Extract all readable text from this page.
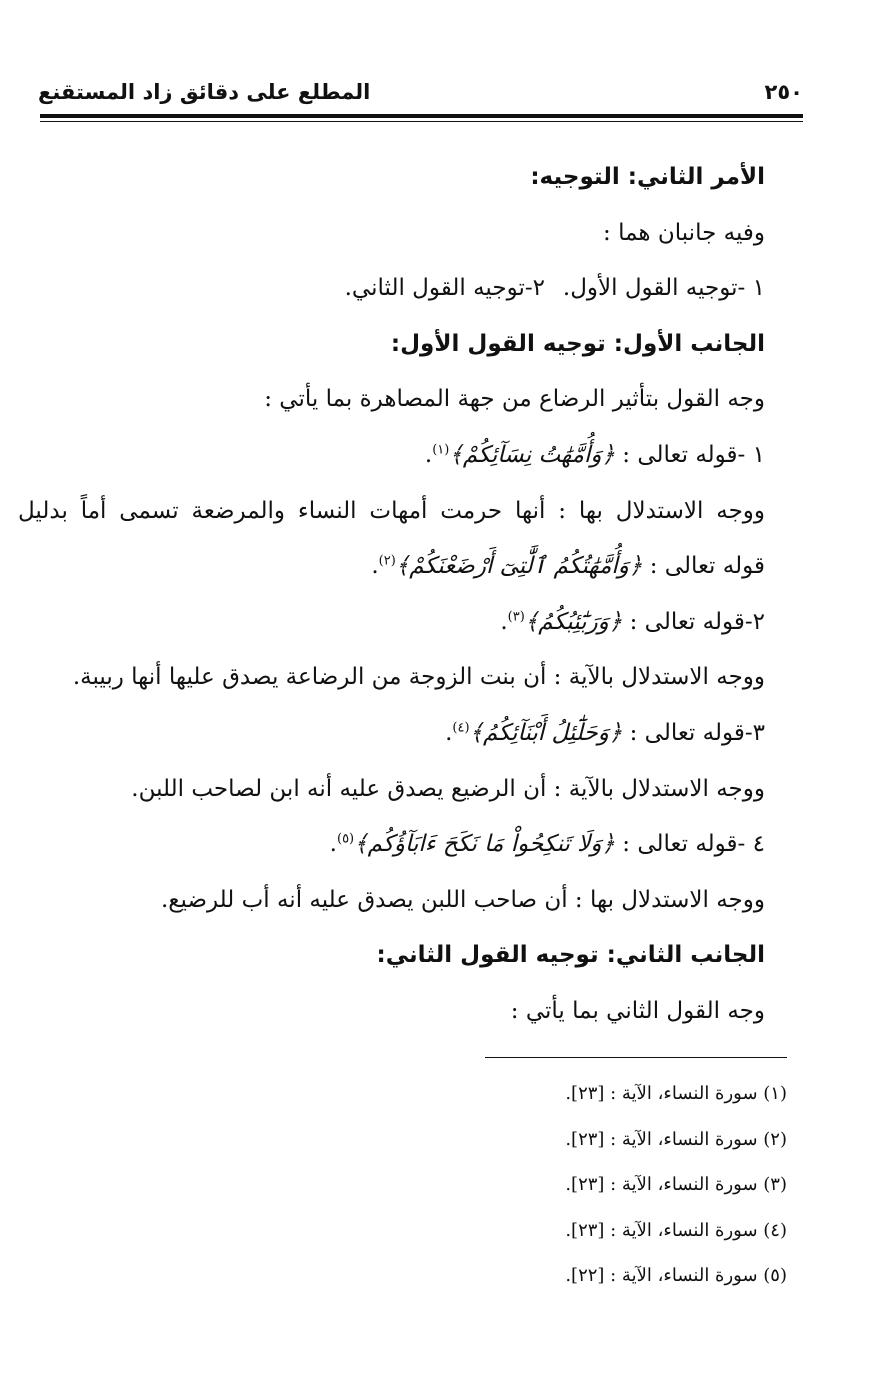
٢٥٠
المطلع على دقائق زاد المستقنع
الأمر الثاني: التوجيه:
وفيه جانبان هما :
١ -توجيه القول الأول.
٢-توجيه القول الثاني.
الجانب الأول: توجيه القول الأول:
وجه القول بتأثير الرضاع من جهة المصاهرة بما يأتي :
١ -قوله تعالى : ﴿وَأُمَّهَٰتُ نِسَآئِكُمْ﴾$^{(١)}$.
ووجه الاستدلال بها : أنها حرمت أمهات النساء والمرضعة تسمى أماً بدليل
قوله تعالى : ﴿وَأُمَّهَٰتُكُمُ ٱلَّٰتِىٓ أَرْضَعْنَكُمْ﴾$^{(٢)}$.
٢-قوله تعالى : ﴿وَرَبَٰٓئِبُكُمُ﴾$^{(٣)}$.
ووجه الاستدلال بالآية : أن بنت الزوجة من الرضاعة يصدق عليها أنها ربيبة.
٣-قوله تعالى : ﴿وَحَلَٰٓئِلُ أَبْنَآئِكُمُ﴾$^{(٤)}$.
ووجه الاستدلال بالآية : أن الرضيع يصدق عليه أنه ابن لصاحب اللبن.
٤ -قوله تعالى : ﴿وَلَا تَنكِحُواْ مَا نَكَحَ ءَابَآؤُكُم﴾$^{(٥)}$.
ووجه الاستدلال بها : أن صاحب اللبن يصدق عليه أنه أب للرضيع.
الجانب الثاني: توجيه القول الثاني:
وجه القول الثاني بما يأتي :
(١) سورة النساء، الآية : [٢٣].
(٢) سورة النساء، الآية : [٢٣].
(٣) سورة النساء، الآية : [٢٣].
(٤) سورة النساء، الآية : [٢٣].
(٥) سورة النساء، الآية : [٢٢].
